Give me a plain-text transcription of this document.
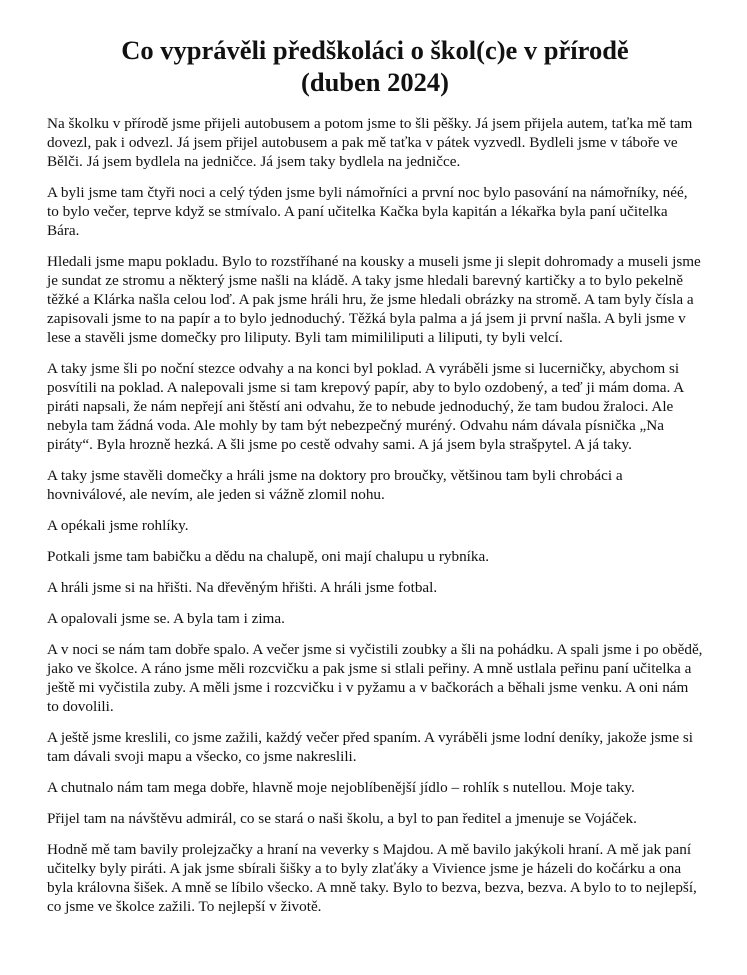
Co vyprávěli předškoláci o škol(c)e v přírodě
(duben 2024)

Na školku v přírodě jsme přijeli autobusem a potom jsme to šli pěšky. Já jsem přijela autem, taťka mě tam dovezl, pak i odvezl. Já jsem přijel autobusem a pak mě taťka v pátek vyzvedl. Bydleli jsme v táboře ve Bělči. Já jsem bydlela na jedničce. Já jsem taky bydlela na jedničce.

A byli jsme tam čtyři noci a celý týden jsme byli námořníci a první noc bylo pasování na námořníky, néé, to bylo večer, teprve když se stmívalo. A paní učitelka Kačka byla kapitán a lékařka byla paní učitelka Bára.

Hledali jsme mapu pokladu. Bylo to rozstříhané na kousky a museli jsme ji slepit dohromady a museli jsme je sundat ze stromu a některý jsme našli na kládě. A taky jsme hledali barevný kartičky a to bylo pekelně těžké a Klárka našla celou loď. A pak jsme hráli hru, že jsme hledali obrázky na stromě. A tam byly čísla a zapisovali jsme to na papír a to bylo jednoduchý. Těžká byla palma a já jsem ji první našla. A byli jsme v lese a stavěli jsme domečky pro liliputy. Byli tam mimililiputi a liliputi, ty byli velcí.

A taky jsme šli po noční stezce odvahy a na konci byl poklad. A vyráběli jsme si lucerničky, abychom si posvítili na poklad. A nalepovali jsme si tam krepový papír, aby to bylo ozdobený, a teď ji mám doma. A piráti napsali, že nám nepřejí ani štěstí ani odvahu, že to nebude jednoduchý, že tam budou žraloci. Ale nebyla tam žádná voda. Ale mohly by tam být nebezpečný muréný. Odvahu nám dávala písnička „Na piráty“. Byla hrozně hezká. A šli jsme po cestě odvahy sami. A já jsem byla strašpytel. A já taky.

A taky jsme stavěli domečky a hráli jsme na doktory pro broučky, většinou tam byli chrobáci a hovniválové, ale nevím, ale jeden si vážně zlomil nohu.

A opékali jsme rohlíky.

Potkali jsme tam babičku a dědu na chalupě, oni mají chalupu u rybníka.

A hráli jsme si na hřišti. Na dřevěným hřišti. A hráli jsme fotbal.

A opalovali jsme se. A byla tam i zima.

A v noci se nám tam dobře spalo. A večer jsme si vyčistili zoubky a šli na pohádku. A spali jsme i po obědě, jako ve školce. A ráno jsme měli rozcvičku a pak jsme si stlali peřiny. A mně ustlala peřinu paní učitelka a ještě mi vyčistila zuby. A měli jsme i rozcvičku i v pyžamu a v bačkorách a běhali jsme venku. A oni nám to dovolili.

A ještě jsme kreslili, co jsme zažili, každý večer před spaním. A vyráběli jsme lodní deníky, jakože jsme si tam dávali svoji mapu a všecko, co jsme nakreslili.

A chutnalo nám tam mega dobře, hlavně moje nejoblíbenější jídlo – rohlík s nutellou. Moje taky.

Přijel tam na návštěvu admirál, co se stará o naši školu, a byl to pan ředitel a jmenuje se Vojáček.

Hodně mě tam bavily prolejzačky a hraní na veverky s Majdou. A mě bavilo jakýkoli hraní. A mě jak paní učitelky byly piráti. A jak jsme sbírali šišky a to byly zlaťáky a Vivience jsme je házeli do kočárku a ona byla královna šišek. A mně se líbilo všecko. A mně taky. Bylo to bezva, bezva, bezva. A bylo to to nejlepší, co jsme ve školce zažili. To nejlepší v životě.
